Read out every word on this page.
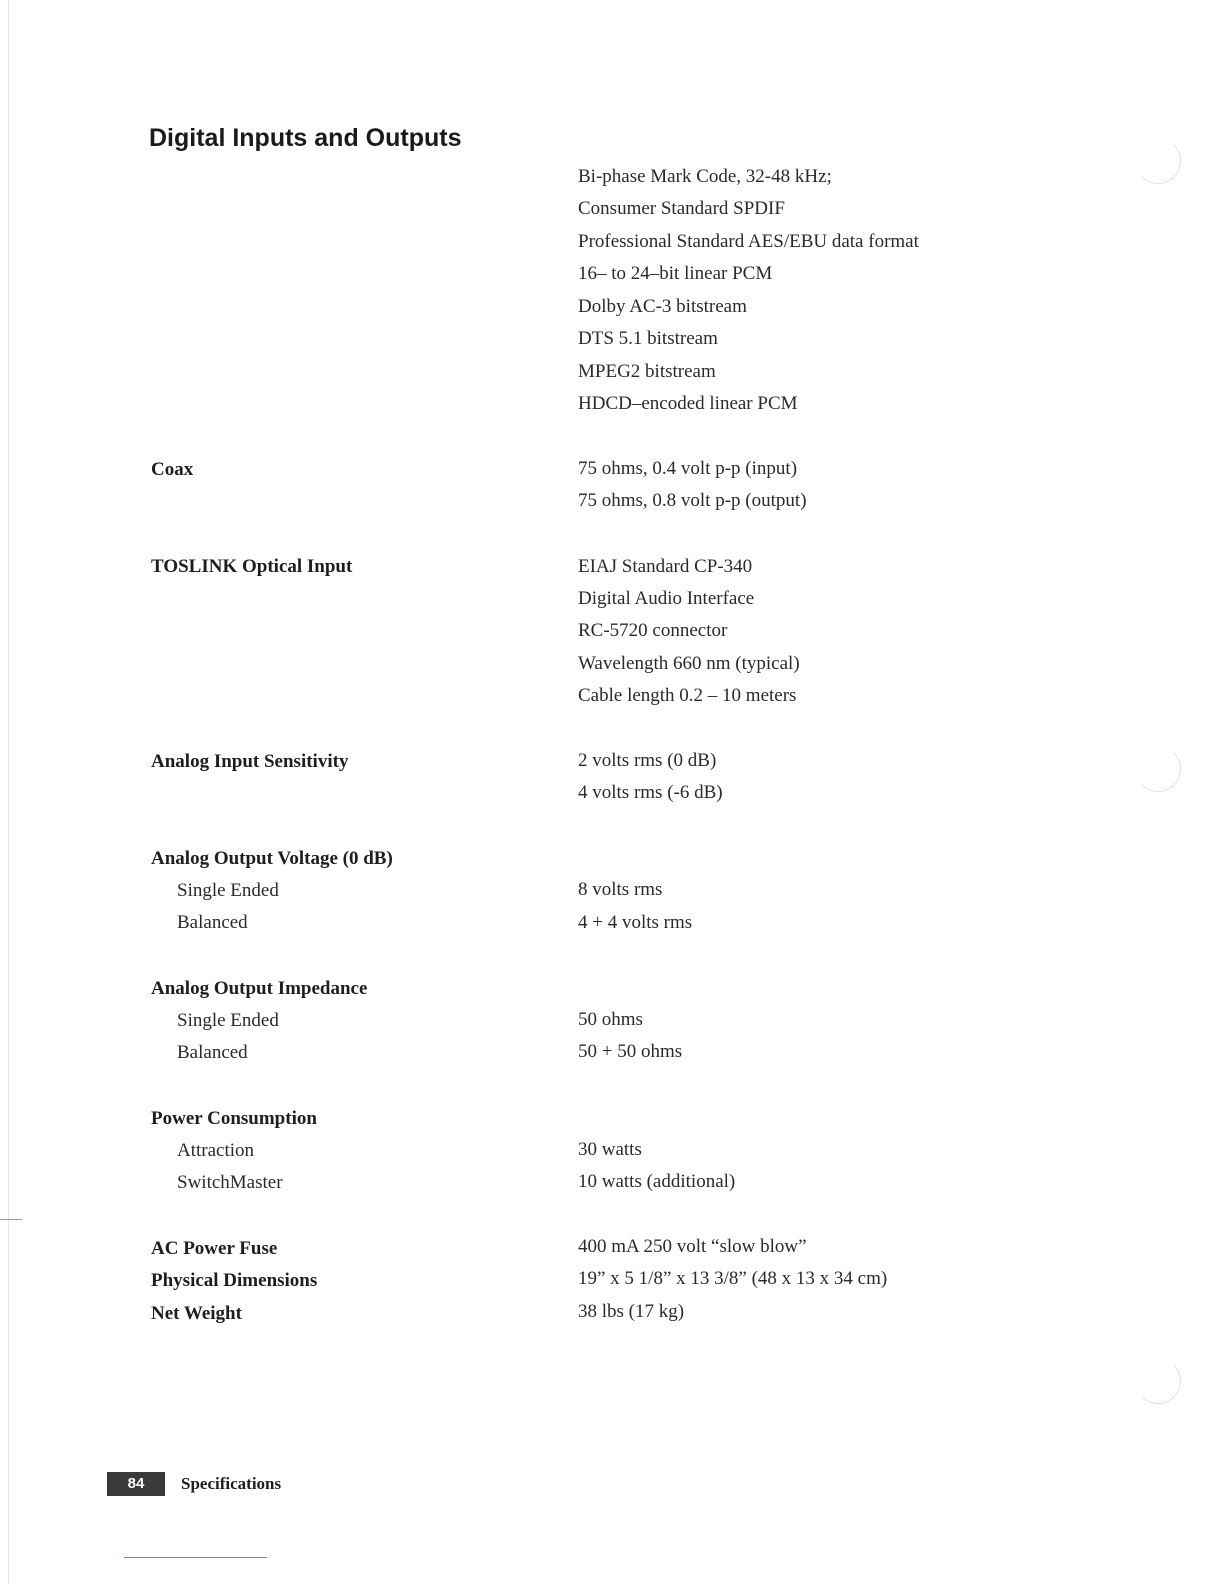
Digital Inputs and Outputs

Bi-phase Mark Code, 32-48 kHz;

Consumer Standard SPDIF

Professional Standard AES/EBU data format

16– to 24–bit linear PCM

Dolby AC-3 bitstream

DTS 5.1 bitstream

MPEG2 bitstream

HDCD–encoded linear PCM

Coax	75 ohms, 0.4 volt p-p (input)

75 ohms, 0.8 volt p-p (output)

TOSLINK Optical Input	EIAJ Standard CP-340

Digital Audio Interface

RC-5720 connector

Wavelength 660 nm (typical)

Cable length 0.2 – 10 meters

Analog Input Sensitivity	2 volts rms (0 dB)

4 volts rms (-6 dB)

Analog Output Voltage (0 dB)

Single Ended	8 volts rms

Balanced	4 + 4 volts rms

Analog Output Impedance

Single Ended	50 ohms

Balanced	50 + 50 ohms

Power Consumption

Attraction	30 watts

SwitchMaster	10 watts (additional)

AC Power Fuse	400 mA 250 volt “slow blow”

Physical Dimensions	19” x 5 1/8” x 13 3/8” (48 x 13 x 34 cm)

Net Weight	38 lbs (17 kg)

84	Specifications
